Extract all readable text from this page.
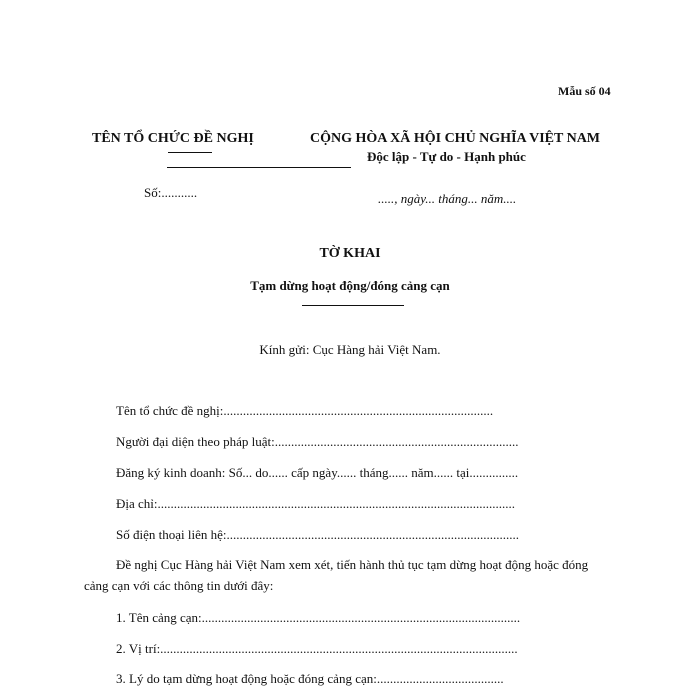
Mẫu số 04
TÊN TỔ CHỨC ĐỀ NGHỊ	CỘNG HÒA XÃ HỘI CHỦ NGHĨA VIỆT NAM
Độc lập - Tự do - Hạnh phúc
Số:...........	....., ngày... tháng... năm....
TỜ KHAI
Tạm dừng hoạt động/đóng cảng cạn
Kính gửi: Cục Hàng hải Việt Nam.
Tên tổ chức đề nghị:...................................................................................
Người đại diện theo pháp luật:...........................................................................
Đăng ký kinh doanh: Số... do...... cấp ngày...... tháng...... năm...... tại...............
Địa chỉ:..............................................................................................................
Số điện thoại liên hệ:..........................................................................................
Đề nghị Cục Hàng hải Việt Nam xem xét, tiến hành thủ tục tạm dừng hoạt động hoặc đóng
cảng cạn với các thông tin dưới đây:
1. Tên cảng cạn:..................................................................................................
2. Vị trí:..............................................................................................................
3. Lý do tạm dừng hoạt động hoặc đóng cảng cạn:.......................................
